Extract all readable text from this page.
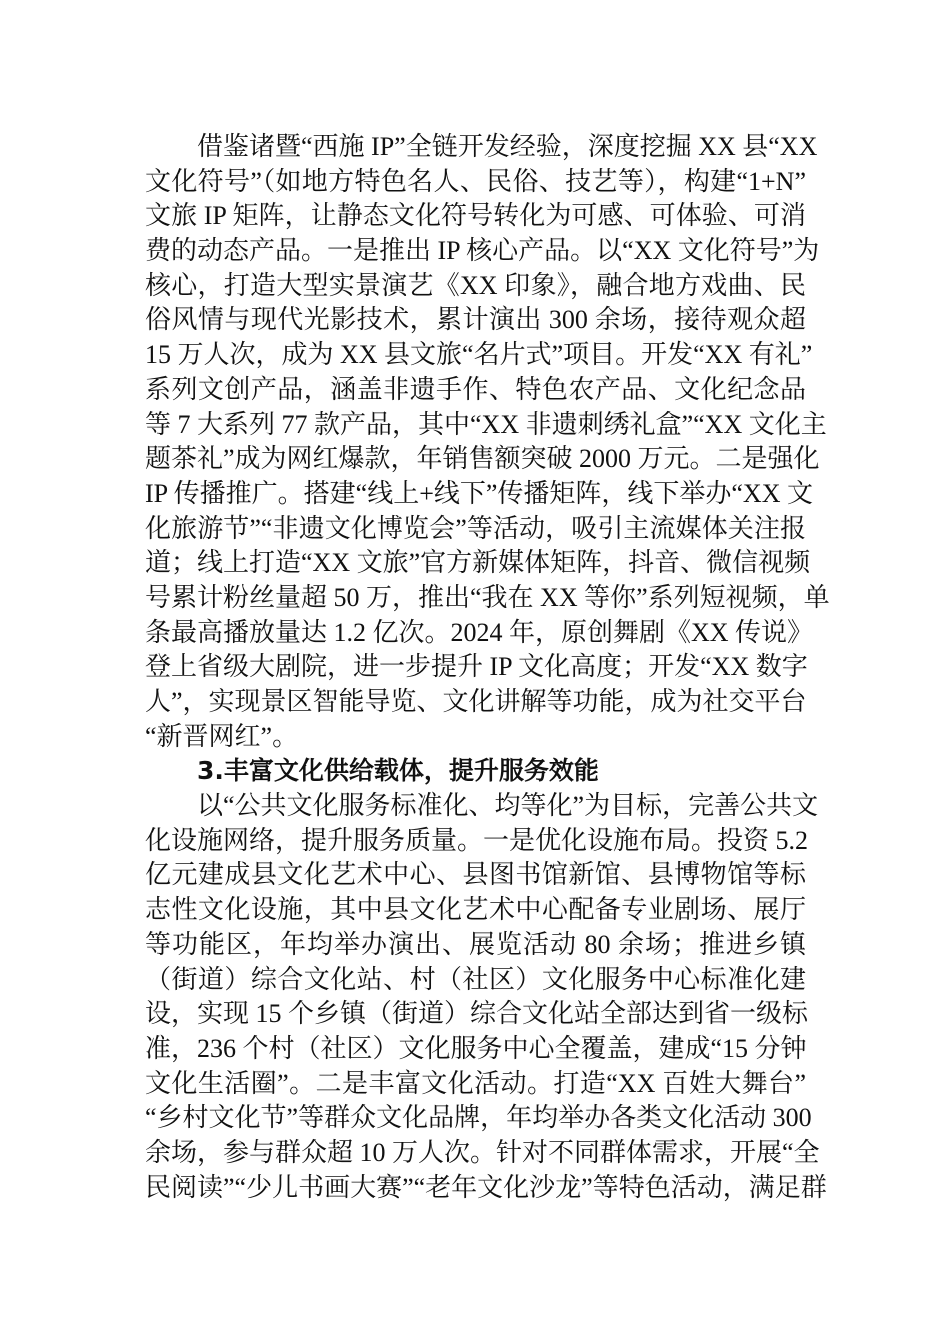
借鉴诸暨“西施 IP”全链开发经验，深度挖掘 XX 县“XX
文化符号”（如地方特色名人、民俗、技艺等），构建“1+N”
文旅 IP 矩阵，让静态文化符号转化为可感、可体验、可消
费的动态产品。一是推出 IP 核心产品。以“XX 文化符号”为
核心，打造大型实景演艺《XX 印象》，融合地方戏曲、民
俗风情与现代光影技术，累计演出 300 余场，接待观众超
15 万人次，成为 XX 县文旅“名片式”项目。开发“XX 有礼”
系列文创产品，涵盖非遗手作、特色农产品、文化纪念品
等 7 大系列 77 款产品，其中“XX 非遗刺绣礼盒”“XX 文化主
题茶礼”成为网红爆款，年销售额突破 2000 万元。二是强化
IP 传播推广。搭建“线上+线下”传播矩阵，线下举办“XX 文
化旅游节”“非遗文化博览会”等活动，吸引主流媒体关注报
道；线上打造“XX 文旅”官方新媒体矩阵，抖音、微信视频
号累计粉丝量超 50 万，推出“我在 XX 等你”系列短视频，单
条最高播放量达 1.2 亿次。2024 年，原创舞剧《XX 传说》
登上省级大剧院，进一步提升 IP 文化高度；开发“XX 数字
人”，实现景区智能导览、文化讲解等功能，成为社交平台
“新晋网红”。
3.丰富文化供给载体，提升服务效能
以“公共文化服务标准化、均等化”为目标，完善公共文
化设施网络，提升服务质量。一是优化设施布局。投资 5.2
亿元建成县文化艺术中心、县图书馆新馆、县博物馆等标
志性文化设施，其中县文化艺术中心配备专业剧场、展厅
等功能区，年均举办演出、展览活动 80 余场；推进乡镇
（街道）综合文化站、村（社区）文化服务中心标准化建
设，实现 15 个乡镇（街道）综合文化站全部达到省一级标
准，236 个村（社区）文化服务中心全覆盖，建成“15 分钟
文化生活圈”。二是丰富文化活动。打造“XX 百姓大舞台”
“乡村文化节”等群众文化品牌，年均举办各类文化活动 300
余场，参与群众超 10 万人次。针对不同群体需求，开展“全
民阅读”“少儿书画大赛”“老年文化沙龙”等特色活动，满足群
